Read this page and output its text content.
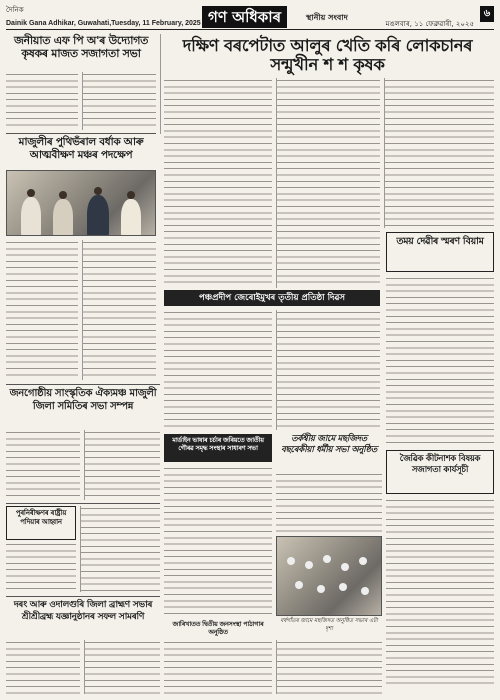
দৈনিক
Dainik Gana Adhikar, Guwahati,Tuesday, 11 February, 2025 গণ অধিকাৰ	স্থানীয় সংবাদ
মঙলবাৰ, ১১ ফেব্ৰুৱাৰী, ২০২৫
৬
জনীয়াত এফ পি অ'ৰ উদ্যোগত কৃষকৰ মাজত সজাগতা সভা
মাজুলীৰ পুথিভঁৰাল বৰ্ধাক আৰু আত্মবীক্ষণ মঞ্চৰ পদক্ষেপ
দক্ষিণ বৰপেটাত আলুৰ খেতি কৰি লোকচানৰ সন্মুখীন শ শ কৃষক
পঞ্চপ্ৰদীপ জেৰোইমুখৰ তৃতীয় প্ৰতিষ্ঠা দিৱস
তময় দেৱীৰ স্মৰণ বিয়াম
জনগোষ্ঠীয় সাংস্কৃতিক ঐক্যমঞ্চ মাজুলী জিলা সমিতিৰ সভা সম্পন্ন
তৰ্কশ্বীয় জামে মছজিদত বছৰেকীয়া ধৰ্মীয় সভা অনুষ্ঠিত
জৈৱিক কীটনাশক বিষয়ক সজাগতা কাৰ্যসূচী
মাৰ্ডাইন ভাষাৰ চৰ্চাৰ জৰিয়তে জাতীয় গৌৰৱ সমৃদ্ধ সংস্থাৰ সাধাৰণ সভা
বৰ্ষগাঁতৰ জামে মছজিদত অনুষ্ঠিত সভাৰ এটা দৃশ্য
পুৰনিৰীক্ষণৰ ৰাষ্ট্ৰীয় পদিয়াৰ আহ্বান
জাৰিখাতত দ্বিতীয় জনসংস্থা পাঠাগাৰ অনুষ্ঠিত
দৰং আৰু ওদালগুৰি জিলা ব্ৰাহ্মণ সভাৰ শ্ৰীশ্ৰীব্ৰহ্ম যজ্ঞানুষ্ঠানৰ সফল সামৰণি
